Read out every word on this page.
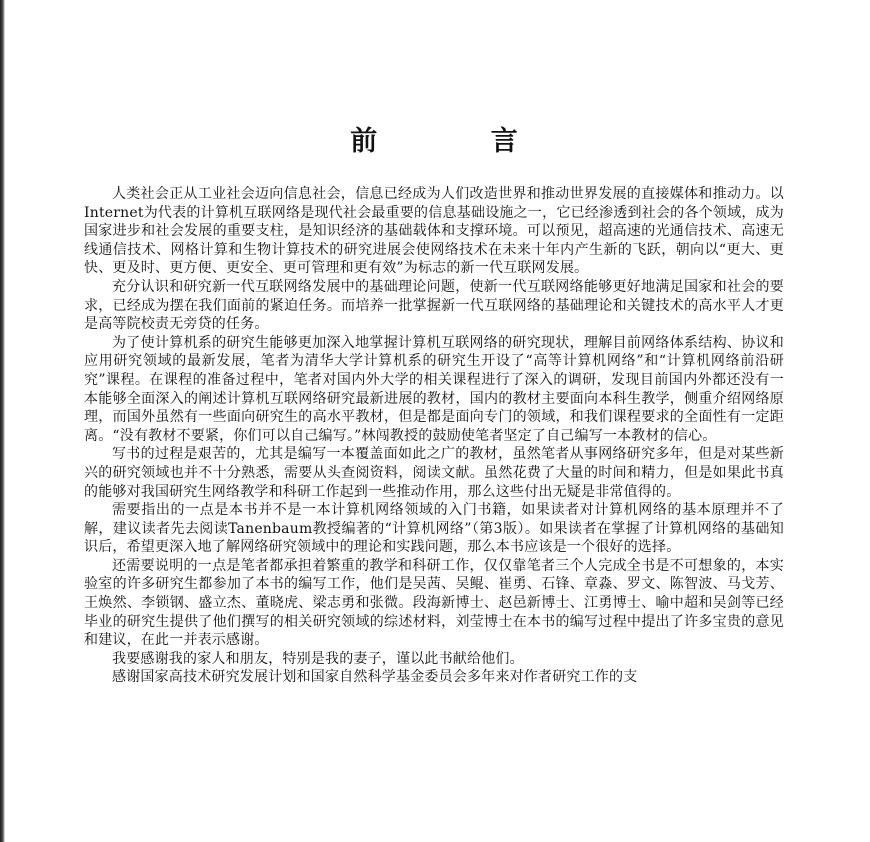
前 言

人类社会正从工业社会迈向信息社会，信息已经成为人们改造世界和推动世界发展的直接媒体和推动力。以Internet为代表的计算机互联网络是现代社会最重要的信息基础设施之一，它已经渗透到社会的各个领域，成为国家进步和社会发展的重要支柱，是知识经济的基础载体和支撑环境。可以预见，超高速的光通信技术、高速无线通信技术、网格计算和生物计算技术的研究进展会使网络技术在未来十年内产生新的飞跃，朝向以“更大、更快、更及时、更方便、更安全、更可管理和更有效”为标志的新一代互联网发展。

充分认识和研究新一代互联网络发展中的基础理论问题，使新一代互联网络能够更好地满足国家和社会的要求，已经成为摆在我们面前的紧迫任务。而培养一批掌握新一代互联网络的基础理论和关键技术的高水平人才更是高等院校责无旁贷的任务。

为了使计算机系的研究生能够更加深入地掌握计算机互联网络的研究现状，理解目前网络体系结构、协议和应用研究领域的最新发展，笔者为清华大学计算机系的研究生开设了“高等计算机网络”和“计算机网络前沿研究”课程。在课程的准备过程中，笔者对国内外大学的相关课程进行了深入的调研，发现目前国内外都还没有一本能够全面深入的阐述计算机互联网络研究最新进展的教材，国内的教材主要面向本科生教学，侧重介绍网络原理，而国外虽然有一些面向研究生的高水平教材，但是都是面向专门的领域，和我们课程要求的全面性有一定距离。“没有教材不要紧，你们可以自己编写。”林闯教授的鼓励使笔者坚定了自己编写一本教材的信心。

写书的过程是艰苦的，尤其是编写一本覆盖面如此之广的教材，虽然笔者从事网络研究多年，但是对某些新兴的研究领域也并不十分熟悉，需要从头查阅资料，阅读文献。虽然花费了大量的时间和精力，但是如果此书真的能够对我国研究生网络教学和科研工作起到一些推动作用，那么这些付出无疑是非常值得的。

需要指出的一点是本书并不是一本计算机网络领域的入门书籍，如果读者对计算机网络的基本原理并不了解，建议读者先去阅读Tanenbaum教授编著的“计算机网络”（第3版）。如果读者在掌握了计算机网络的基础知识后，希望更深入地了解网络研究领域中的理论和实践问题，那么本书应该是一个很好的选择。

还需要说明的一点是笔者都承担着繁重的教学和科研工作，仅仅靠笔者三个人完成全书是不可想象的，本实验室的许多研究生都参加了本书的编写工作，他们是吴茜、吴鲲、崔勇、石锋、章淼、罗文、陈智波、马戈芳、王焕然、李锁钢、盛立杰、董晓虎、梁志勇和张微。段海新博士、赵邑新博士、江勇博士、喻中超和吴剑等已经毕业的研究生提供了他们撰写的相关研究领域的综述材料，刘莹博士在本书的编写过程中提出了许多宝贵的意见和建议，在此一并表示感谢。

我要感谢我的家人和朋友，特别是我的妻子，谨以此书献给他们。

感谢国家高技术研究发展计划和国家自然科学基金委员会多年来对作者研究工作的支
